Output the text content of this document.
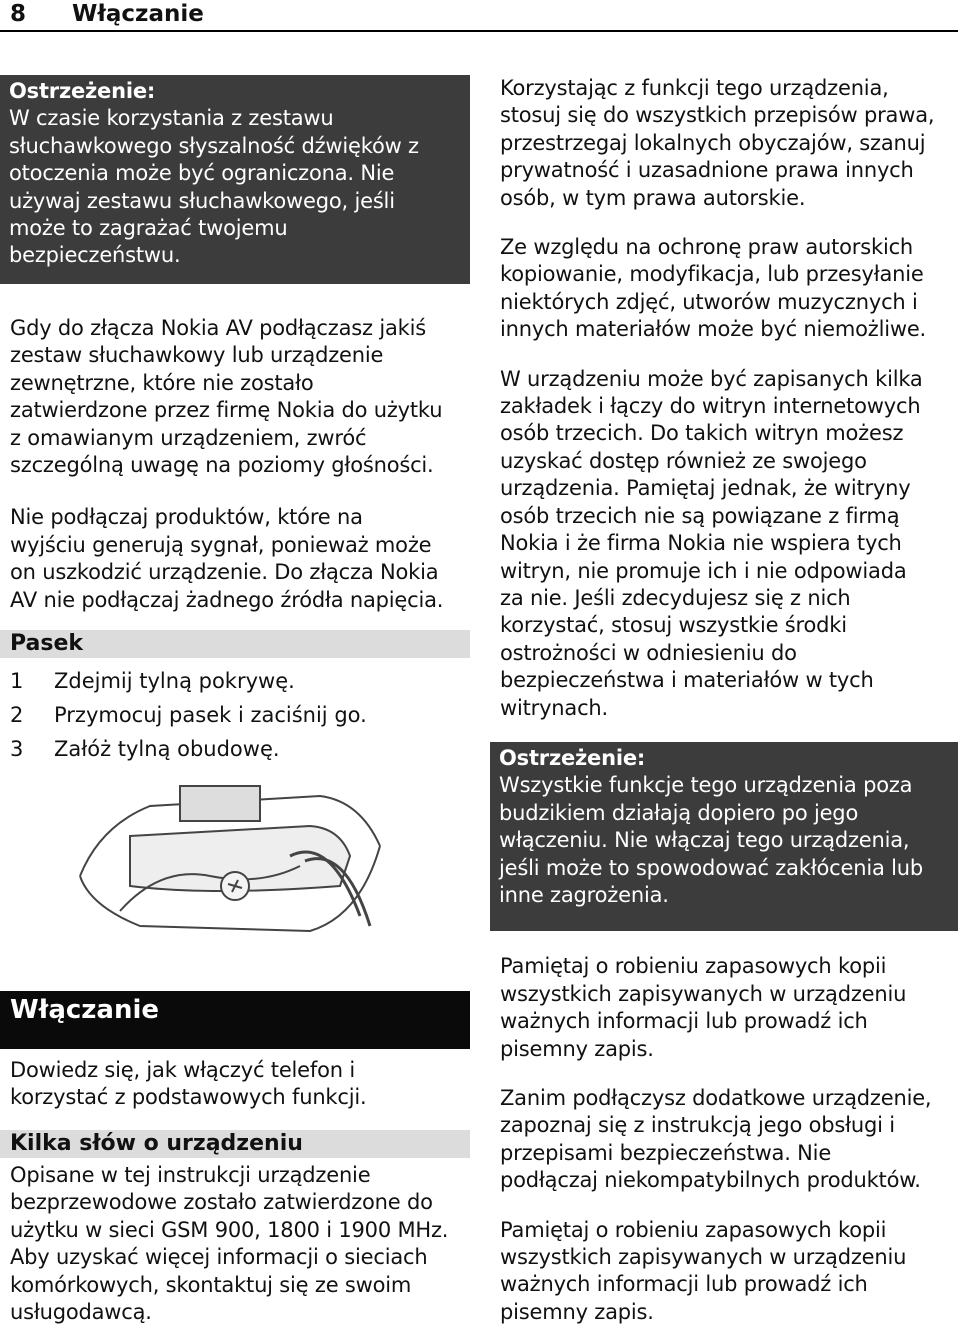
8 Włączanie

Ostrzeżenie:

W czasie korzystania z zestawu
słuchawkowego słyszalność dźwięków z
otoczenia może być ograniczona. Nie
używaj zestawu słuchawkowego, jeśli
może to zagrażać twojemu
bezpieczeństwu.

Gdy do złącza Nokia AV podłączasz jakiś
zestaw słuchawkowy lub urządzenie
zewnętrzne, które nie zostało
zatwierdzone przez firmę Nokia do użytku
z omawianym urządzeniem, zwróć
szczególną uwagę na poziomy głośności.

Nie podłączaj produktów, które na
wyjściu generują sygnał, ponieważ może
on uszkodzić urządzenie. Do złącza Nokia
AV nie podłączaj żadnego źródła napięcia.

Pasek
1	Zdejmij tylną pokrywę.
2	Przymocuj pasek i zaciśnij go.
3	Załóż tylną obudowę.
Włączanie

Dowiedz się, jak włączyć telefon i
korzystać z podstawowych funkcji.

Kilka słów o urządzeniu

Opisane w tej instrukcji urządzenie
bezprzewodowe zostało zatwierdzone do
użytku w sieci GSM 900, 1800 i 1900 MHz.
Aby uzyskać więcej informacji o sieciach
komórkowych, skontaktuj się ze swoim
usługodawcą.

Korzystając z funkcji tego urządzenia,
stosuj się do wszystkich przepisów prawa,
przestrzegaj lokalnych obyczajów, szanuj
prywatność i uzasadnione prawa innych
osób, w tym prawa autorskie.

Ze względu na ochronę praw autorskich
kopiowanie, modyfikacja, lub przesyłanie
niektórych zdjęć, utworów muzycznych i
innych materiałów może być niemożliwe.

W urządzeniu może być zapisanych kilka
zakładek i łączy do witryn internetowych
osób trzecich. Do takich witryn możesz
uzyskać dostęp również ze swojego
urządzenia. Pamiętaj jednak, że witryny
osób trzecich nie są powiązane z firmą
Nokia i że firma Nokia nie wspiera tych
witryn, nie promuje ich i nie odpowiada
za nie. Jeśli zdecydujesz się z nich
korzystać, stosuj wszystkie środki
ostrożności w odniesieniu do
bezpieczeństwa i materiałów w tych
witrynach.

Ostrzeżenie:

Wszystkie funkcje tego urządzenia poza
budzikiem działają dopiero po jego
włączeniu. Nie włączaj tego urządzenia,
jeśli może to spowodować zakłócenia lub
inne zagrożenia.

Pamiętaj o robieniu zapasowych kopii
wszystkich zapisywanych w urządzeniu
ważnych informacji lub prowadź ich
pisemny zapis.

Zanim podłączysz dodatkowe urządzenie,
zapoznaj się z instrukcją jego obsługi i
przepisami bezpieczeństwa. Nie
podłączaj niekompatybilnych produktów.

Pamiętaj o robieniu zapasowych kopii
wszystkich zapisywanych w urządzeniu
ważnych informacji lub prowadź ich
pisemny zapis.
